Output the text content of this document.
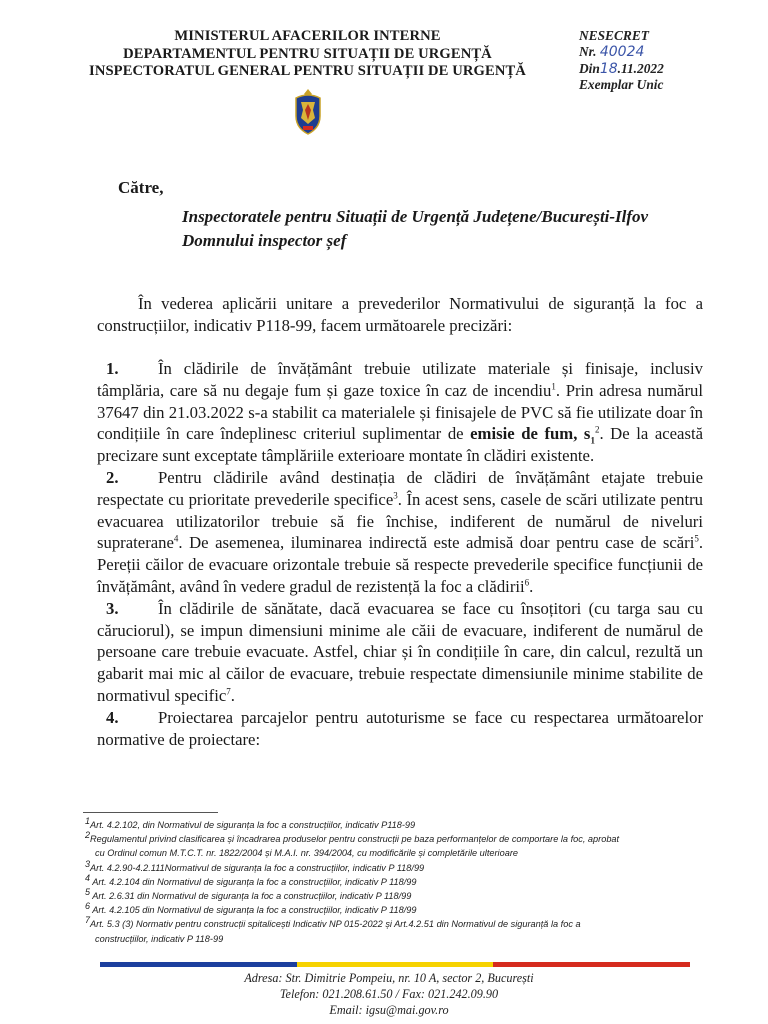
MINISTERUL AFACERILOR INTERNE
DEPARTAMENTUL PENTRU SITUAȚII DE URGENȚĂ
INSPECTORATUL GENERAL PENTRU SITUAȚII DE URGENȚĂ
NESECRET
Nr. 40024
Din18.11.2022
Exemplar Unic
Către,
Inspectoratele pentru Situații de Urgență Județene/București-Ilfov
Domnului inspector șef

În vederea aplicării unitare a prevederilor Normativului de siguranță la foc a construcțiilor, indicativ P118-99, facem următoarele precizări:

1. În clădirile de învățământ trebuie utilizate materiale și finisaje, inclusiv tâmplăria, care să nu degaje fum și gaze toxice în caz de incendiu$^1$. Prin adresa numărul 37647 din 21.03.2022 s-a stabilit ca materialele și finisajele de PVC să fie utilizate doar în condițiile în care îndeplinesc criteriul suplimentar de emisie de fum, $s_1^2$. De la această precizare sunt exceptate tâmplăriile exterioare montate în clădiri existente.

2. Pentru clădirile având destinația de clădiri de învățământ etajate trebuie respectate cu prioritate prevederile specifice$^3$. În acest sens, casele de scări utilizate pentru evacuarea utilizatorilor trebuie să fie închise, indiferent de numărul de niveluri supraterane$^4$. De asemenea, iluminarea indirectă este admisă doar pentru case de scări$^5$. Pereții căilor de evacuare orizontale trebuie să respecte prevederile specifice funcțiunii de învățământ, având în vedere gradul de rezistență la foc a clădirii$^6$.

3. În clădirile de sănătate, dacă evacuarea se face cu însoțitori (cu targa sau cu căruciorul), se impun dimensiuni minime ale căii de evacuare, indiferent de numărul de persoane care trebuie evacuate. Astfel, chiar și în condițiile în care, din calcul, rezultă un gabarit mai mic al căilor de evacuare, trebuie respectate dimensiunile minime stabilite de normativul specific$^7$.

4. Proiectarea parcajelor pentru autoturisme se face cu respectarea următoarelor normative de proiectare:

$^1$Art. 4.2.102, din Normativul de siguranța la foc a construcțiilor, indicativ P118-99
$^2$Regulamentul privind clasificarea și încadrarea produselor pentru construcții pe baza performanțelor de comportare la foc, aprobat
cu Ordinul comun M.T.C.T. nr. 1822/2004 și M.A.I. nr. 394/2004, cu modificările și completările ulterioare
$^3$Art. 4.2.90-4.2.111Normativul de siguranța la foc a construcțiilor, indicativ P 118/99
$^4$ Art. 4.2.104 din Normativul de siguranța la foc a construcțiilor, indicativ P 118/99
$^5$ Art. 2.6.31 din Normativul de siguranța la foc a construcțiilor, indicativ P 118/99
$^6$ Art. 4.2.105 din Normativul de siguranța la foc a construcțiilor, indicativ P 118/99
$^7$Art. 5.3 (3) Normativ pentru construcții spitalicești Indicativ NP 015-2022 și Art.4.2.51 din Normativul de siguranță la foc a
construcțiilor, indicativ P 118-99
Adresa: Str. Dimitrie Pompeiu, nr. 10 A, sector 2, București
Telefon: 021.208.61.50 / Fax: 021.242.09.90
Email: igsu@mai.gov.ro
